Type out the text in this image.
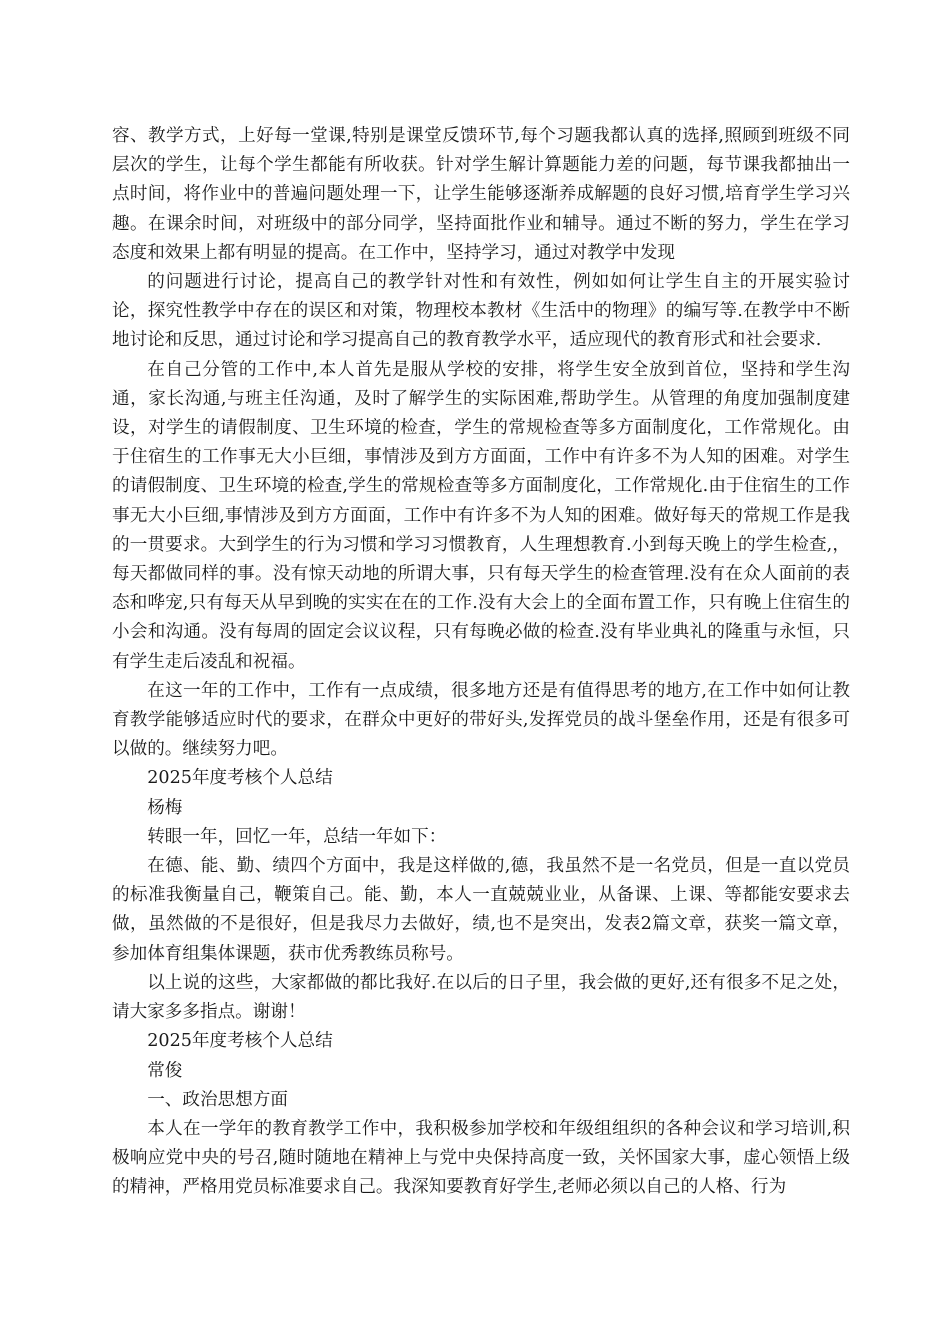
容、教学方式，上好每一堂课,特别是课堂反馈环节,每个习题我都认真的选择,照顾到班级不同层次的学生，让每个学生都能有所收获。针对学生解计算题能力差的问题，每节课我都抽出一点时间，将作业中的普遍问题处理一下，让学生能够逐渐养成解题的良好习惯,培育学生学习兴趣。在课余时间，对班级中的部分同学，坚持面批作业和辅导。通过不断的努力，学生在学习态度和效果上都有明显的提高。在工作中，坚持学习，通过对教学中发现

的问题进行讨论，提高自己的教学针对性和有效性，例如如何让学生自主的开展实验讨论，探究性教学中存在的误区和对策，物理校本教材《生活中的物理》的编写等.在教学中不断地讨论和反思，通过讨论和学习提高自己的教育教学水平，适应现代的教育形式和社会要求.

在自己分管的工作中,本人首先是服从学校的安排，将学生安全放到首位，坚持和学生沟通，家长沟通,与班主任沟通，及时了解学生的实际困难,帮助学生。从管理的角度加强制度建设，对学生的请假制度、卫生环境的检查，学生的常规检查等多方面制度化，工作常规化。由于住宿生的工作事无大小巨细，事情涉及到方方面面，工作中有许多不为人知的困难。对学生的请假制度、卫生环境的检查,学生的常规检查等多方面制度化，工作常规化.由于住宿生的工作事无大小巨细,事情涉及到方方面面，工作中有许多不为人知的困难。做好每天的常规工作是我的一贯要求。大到学生的行为习惯和学习习惯教育，人生理想教育.小到每天晚上的学生检查,，每天都做同样的事。没有惊天动地的所谓大事，只有每天学生的检查管理.没有在众人面前的表态和哗宠,只有每天从早到晚的实实在在的工作.没有大会上的全面布置工作，只有晚上住宿生的小会和沟通。没有每周的固定会议议程，只有每晚必做的检查.没有毕业典礼的隆重与永恒，只有学生走后凌乱和祝福。

在这一年的工作中，工作有一点成绩，很多地方还是有值得思考的地方,在工作中如何让教育教学能够适应时代的要求，在群众中更好的带好头,发挥党员的战斗堡垒作用，还是有很多可以做的。继续努力吧。

2025年度考核个人总结

杨梅

转眼一年，回忆一年，总结一年如下：

在德、能、勤、绩四个方面中，我是这样做的,德，我虽然不是一名党员，但是一直以党员的标准我衡量自己，鞭策自己。能、勤，本人一直兢兢业业，从备课、上课、等都能安要求去做，虽然做的不是很好，但是我尽力去做好，绩,也不是突出，发表2篇文章，获奖一篇文章，参加体育组集体课题，获市优秀教练员称号。

以上说的这些，大家都做的都比我好.在以后的日子里，我会做的更好,还有很多不足之处，请大家多多指点。谢谢！

2025年度考核个人总结

常俊

一、政治思想方面

本人在一学年的教育教学工作中，我积极参加学校和年级组组织的各种会议和学习培训,积极响应党中央的号召,随时随地在精神上与党中央保持高度一致，关怀国家大事，虚心领悟上级的精神，严格用党员标准要求自己。我深知要教育好学生,老师必须以自己的人格、行为
